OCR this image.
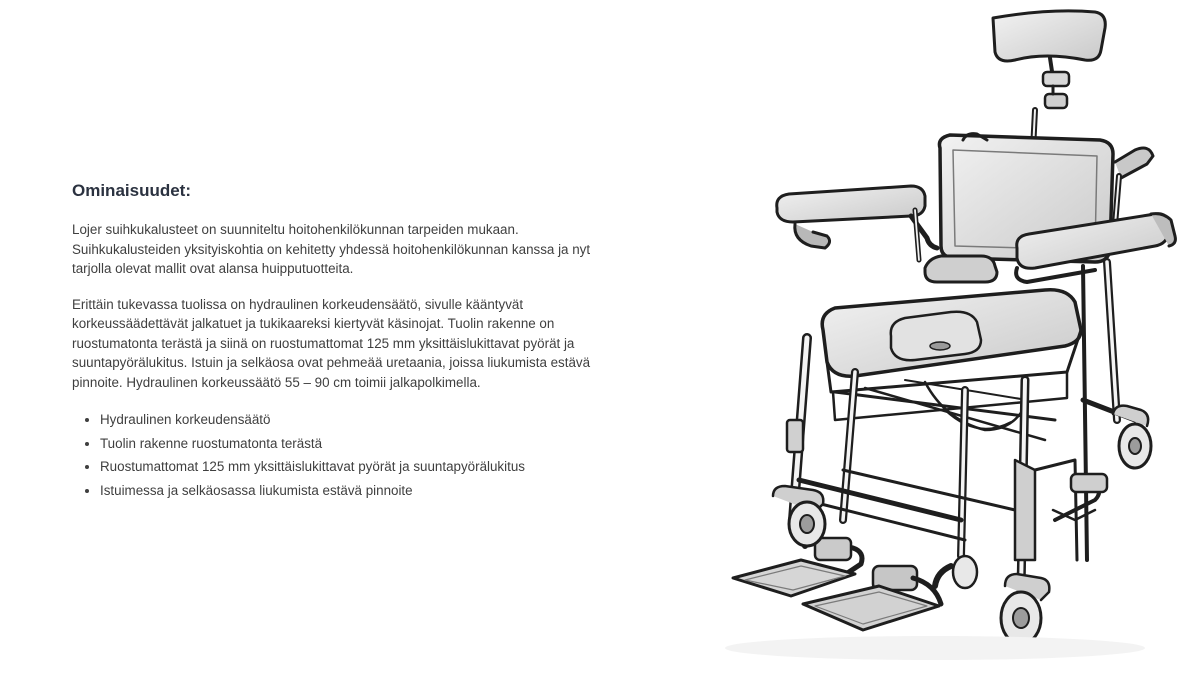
Ominaisuudet:

Lojer suihkukalusteet on suunniteltu hoitohenkilökunnan tarpeiden mukaan.
Suihkukalusteiden yksityiskohtia on kehitetty yhdessä hoitohenkilökunnan kanssa ja nyt
tarjolla olevat mallit ovat alansa huipputuotteita.

Erittäin tukevassa tuolissa on hydraulinen korkeudensäätö, sivulle kääntyvät
korkeussäädettävät jalkatuet ja tukikaareksi kiertyvät käsinojat. Tuolin rakenne on
ruostumatonta terästä ja siinä on ruostumattomat 125 mm yksittäislukittavat pyörät ja
suuntapyörälukitus. Istuin ja selkäosa ovat pehmeää uretaania, joissa liukumista estävä
pinnoite. Hydraulinen korkeussäätö 55 – 90 cm toimii jalkapolkimella.

• Hydraulinen korkeudensäätö
• Tuolin rakenne ruostumatonta terästä
• Ruostumattomat 125 mm yksittäislukittavat pyörät ja suuntapyörälukitus
• Istuimessa ja selkäosassa liukumista estävä pinnoite
